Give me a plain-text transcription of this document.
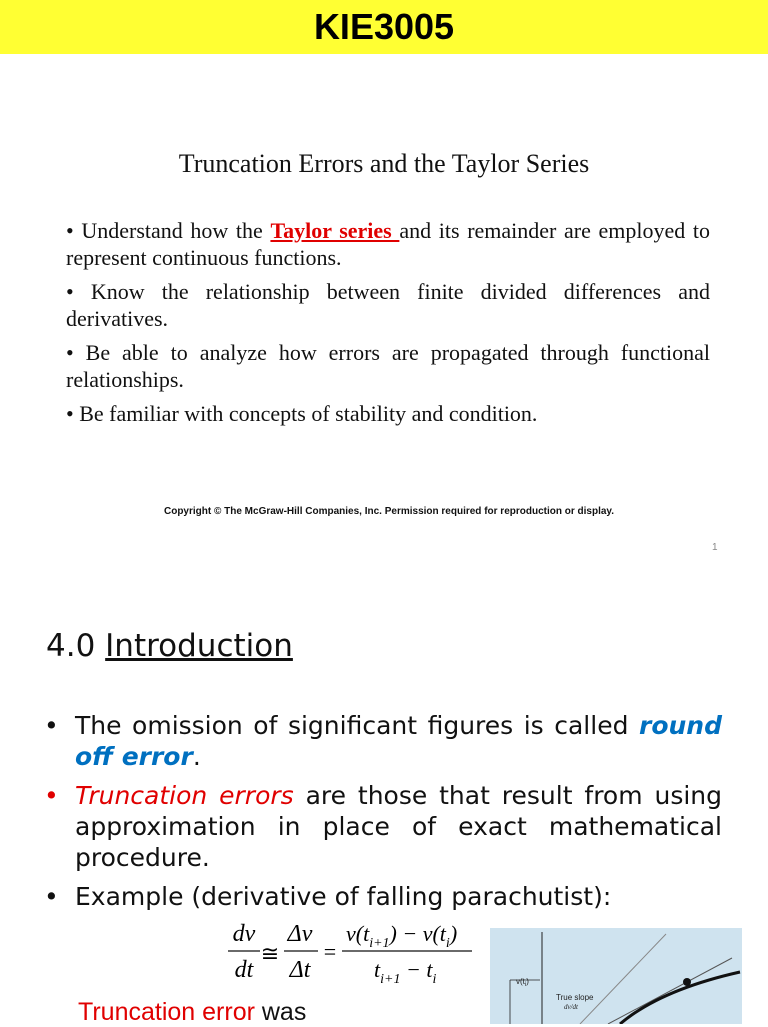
KIE3005
Truncation Errors and the Taylor Series
• Understand how the Taylor series and its remainder are employed to represent continuous functions.
• Know the relationship between finite divided differences and derivatives.
• Be able to analyze how errors are propagated through functional relationships.
• Be familiar with concepts of stability and condition.
Copyright © The McGraw-Hill Companies, Inc. Permission required for reproduction or display.
1
4.0 Introduction
• The omission of significant figures is called round off error.
• Truncation errors are those that result from using approximation in place of exact mathematical procedure.
• Example (derivative of falling parachutist):
dv
dt
≅
Δv
Δt
=
$v(t_{i+1}) - v(t_i)$
$t_{i+1} - t_i$
Truncation error was
$v(t_i)$
True slope
dv/dt
